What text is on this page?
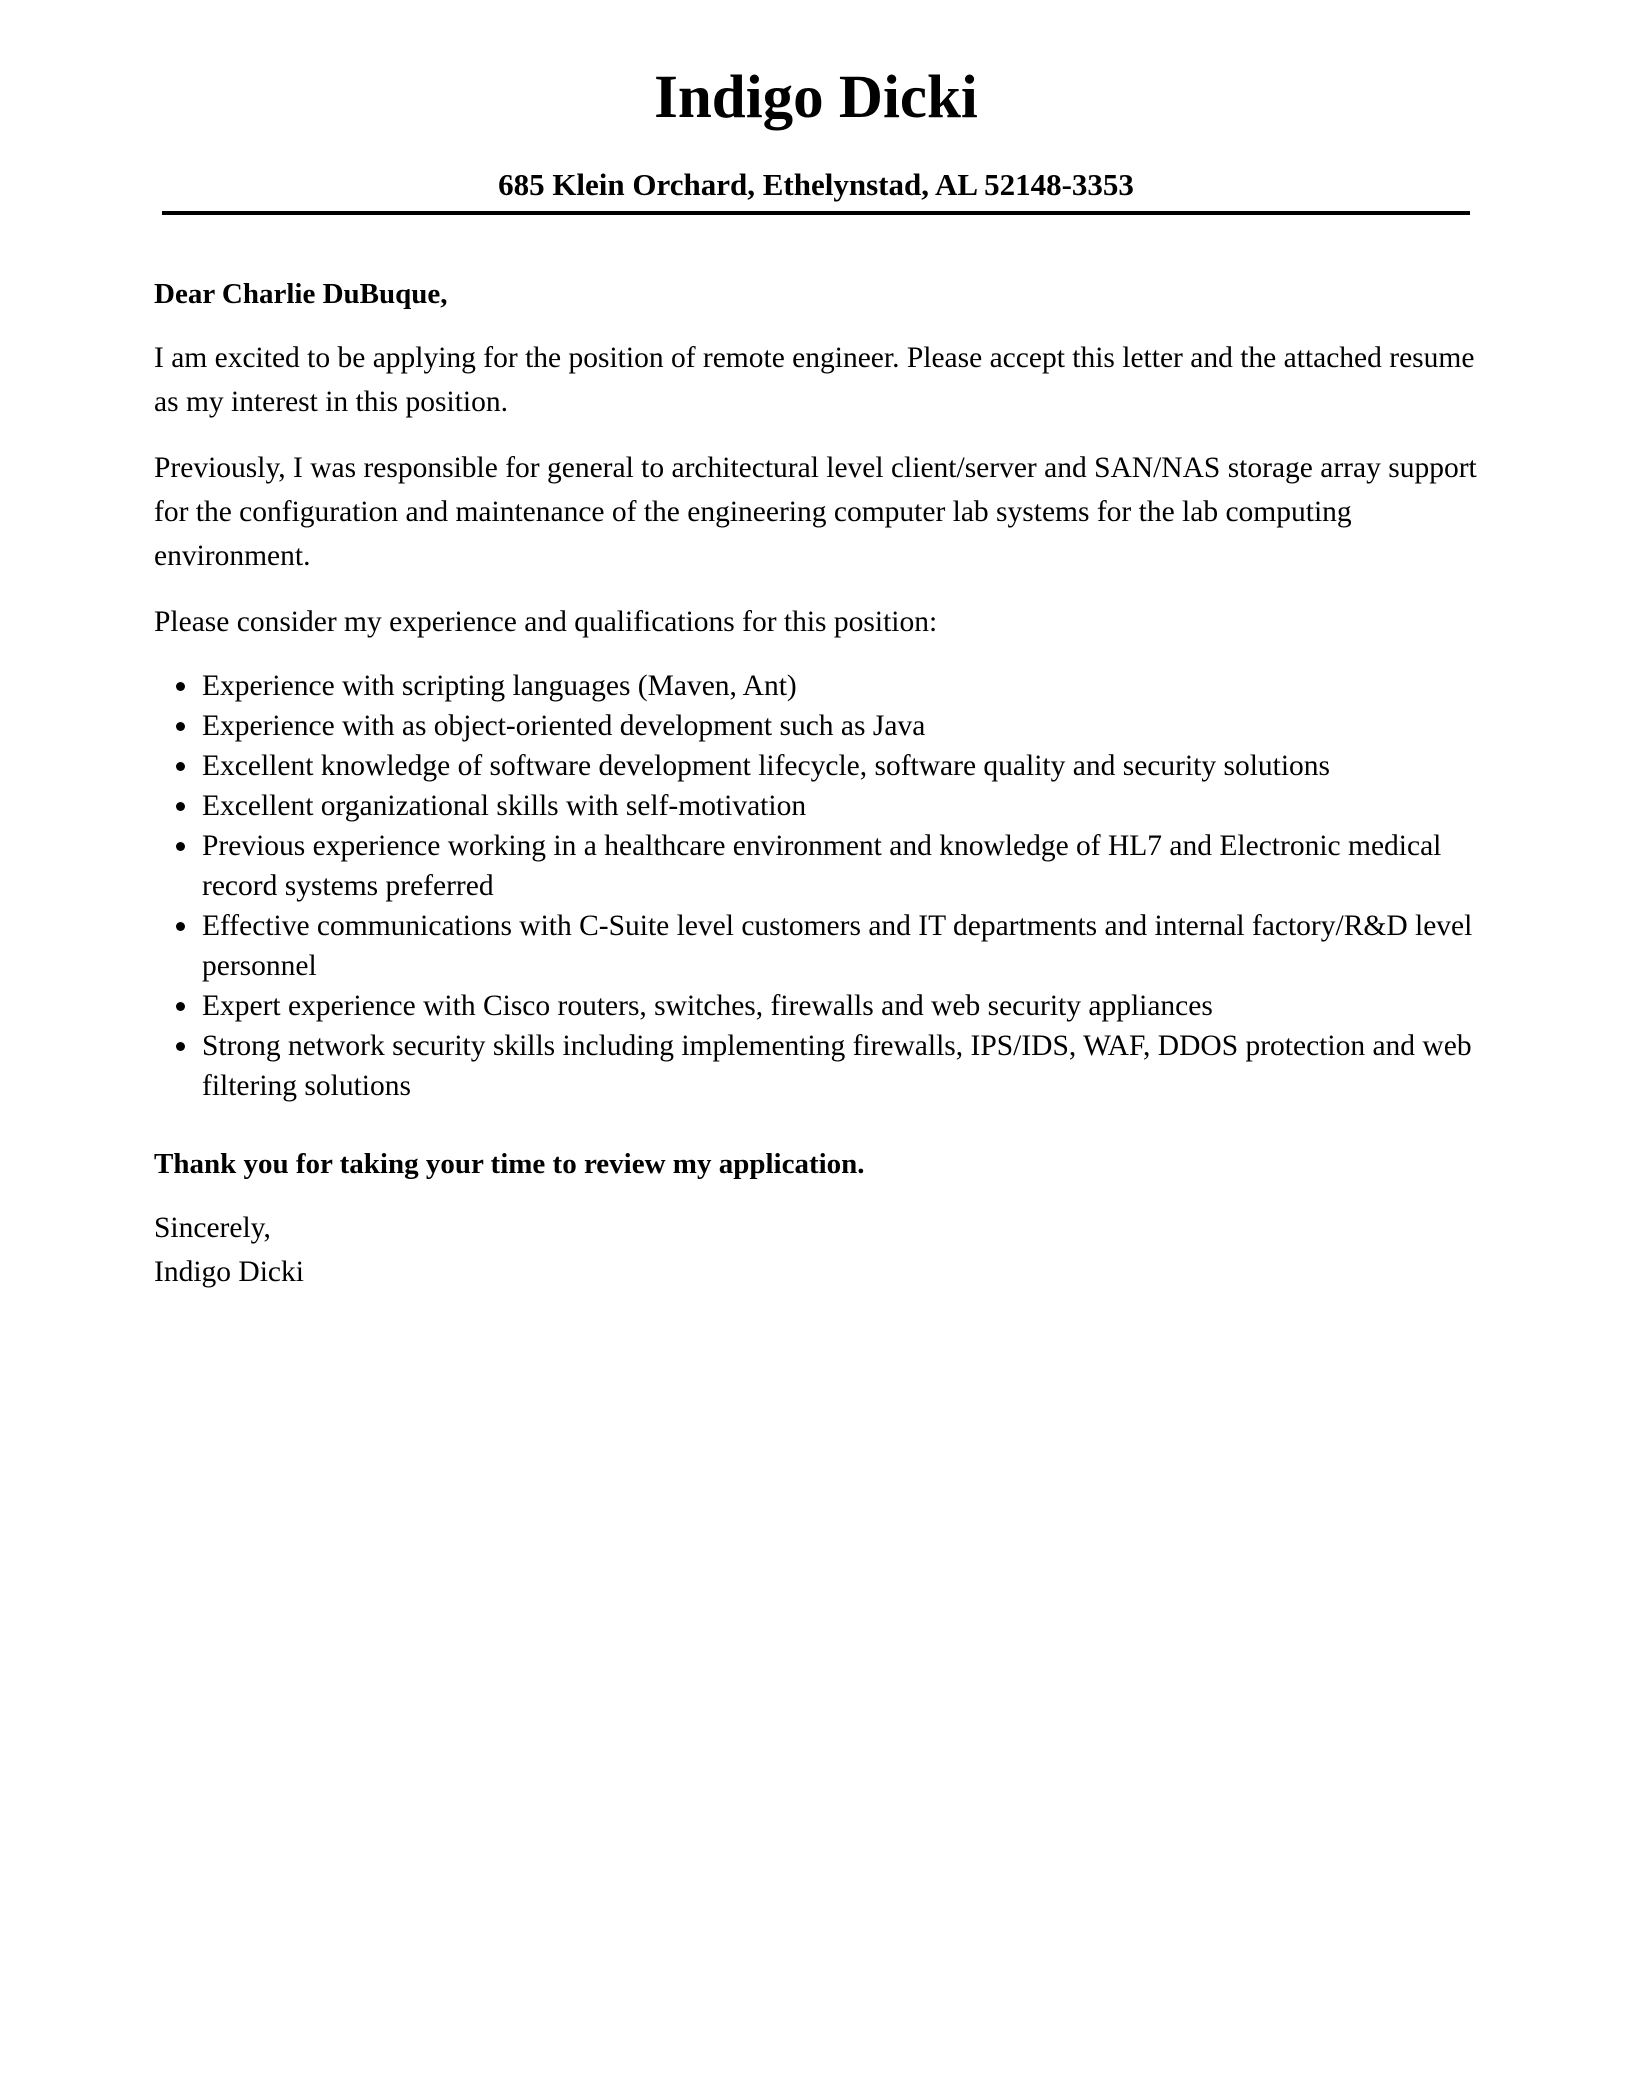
Indigo Dicki
685 Klein Orchard, Ethelynstad, AL 52148-3353

Dear Charlie DuBuque,

I am excited to be applying for the position of remote engineer. Please accept this letter and the attached resume as my interest in this position.

Previously, I was responsible for general to architectural level client/server and SAN/NAS storage array support for the configuration and maintenance of the engineering computer lab systems for the lab computing environment.

Please consider my experience and qualifications for this position:

Experience with scripting languages (Maven, Ant)
Experience with as object-oriented development such as Java
Excellent knowledge of software development lifecycle, software quality and security solutions
Excellent organizational skills with self-motivation
Previous experience working in a healthcare environment and knowledge of HL7 and Electronic medical record systems preferred
Effective communications with C-Suite level customers and IT departments and internal factory/R&D level personnel
Expert experience with Cisco routers, switches, firewalls and web security appliances
Strong network security skills including implementing firewalls, IPS/IDS, WAF, DDOS protection and web filtering solutions

Thank you for taking your time to review my application.

Sincerely,

Indigo Dicki
